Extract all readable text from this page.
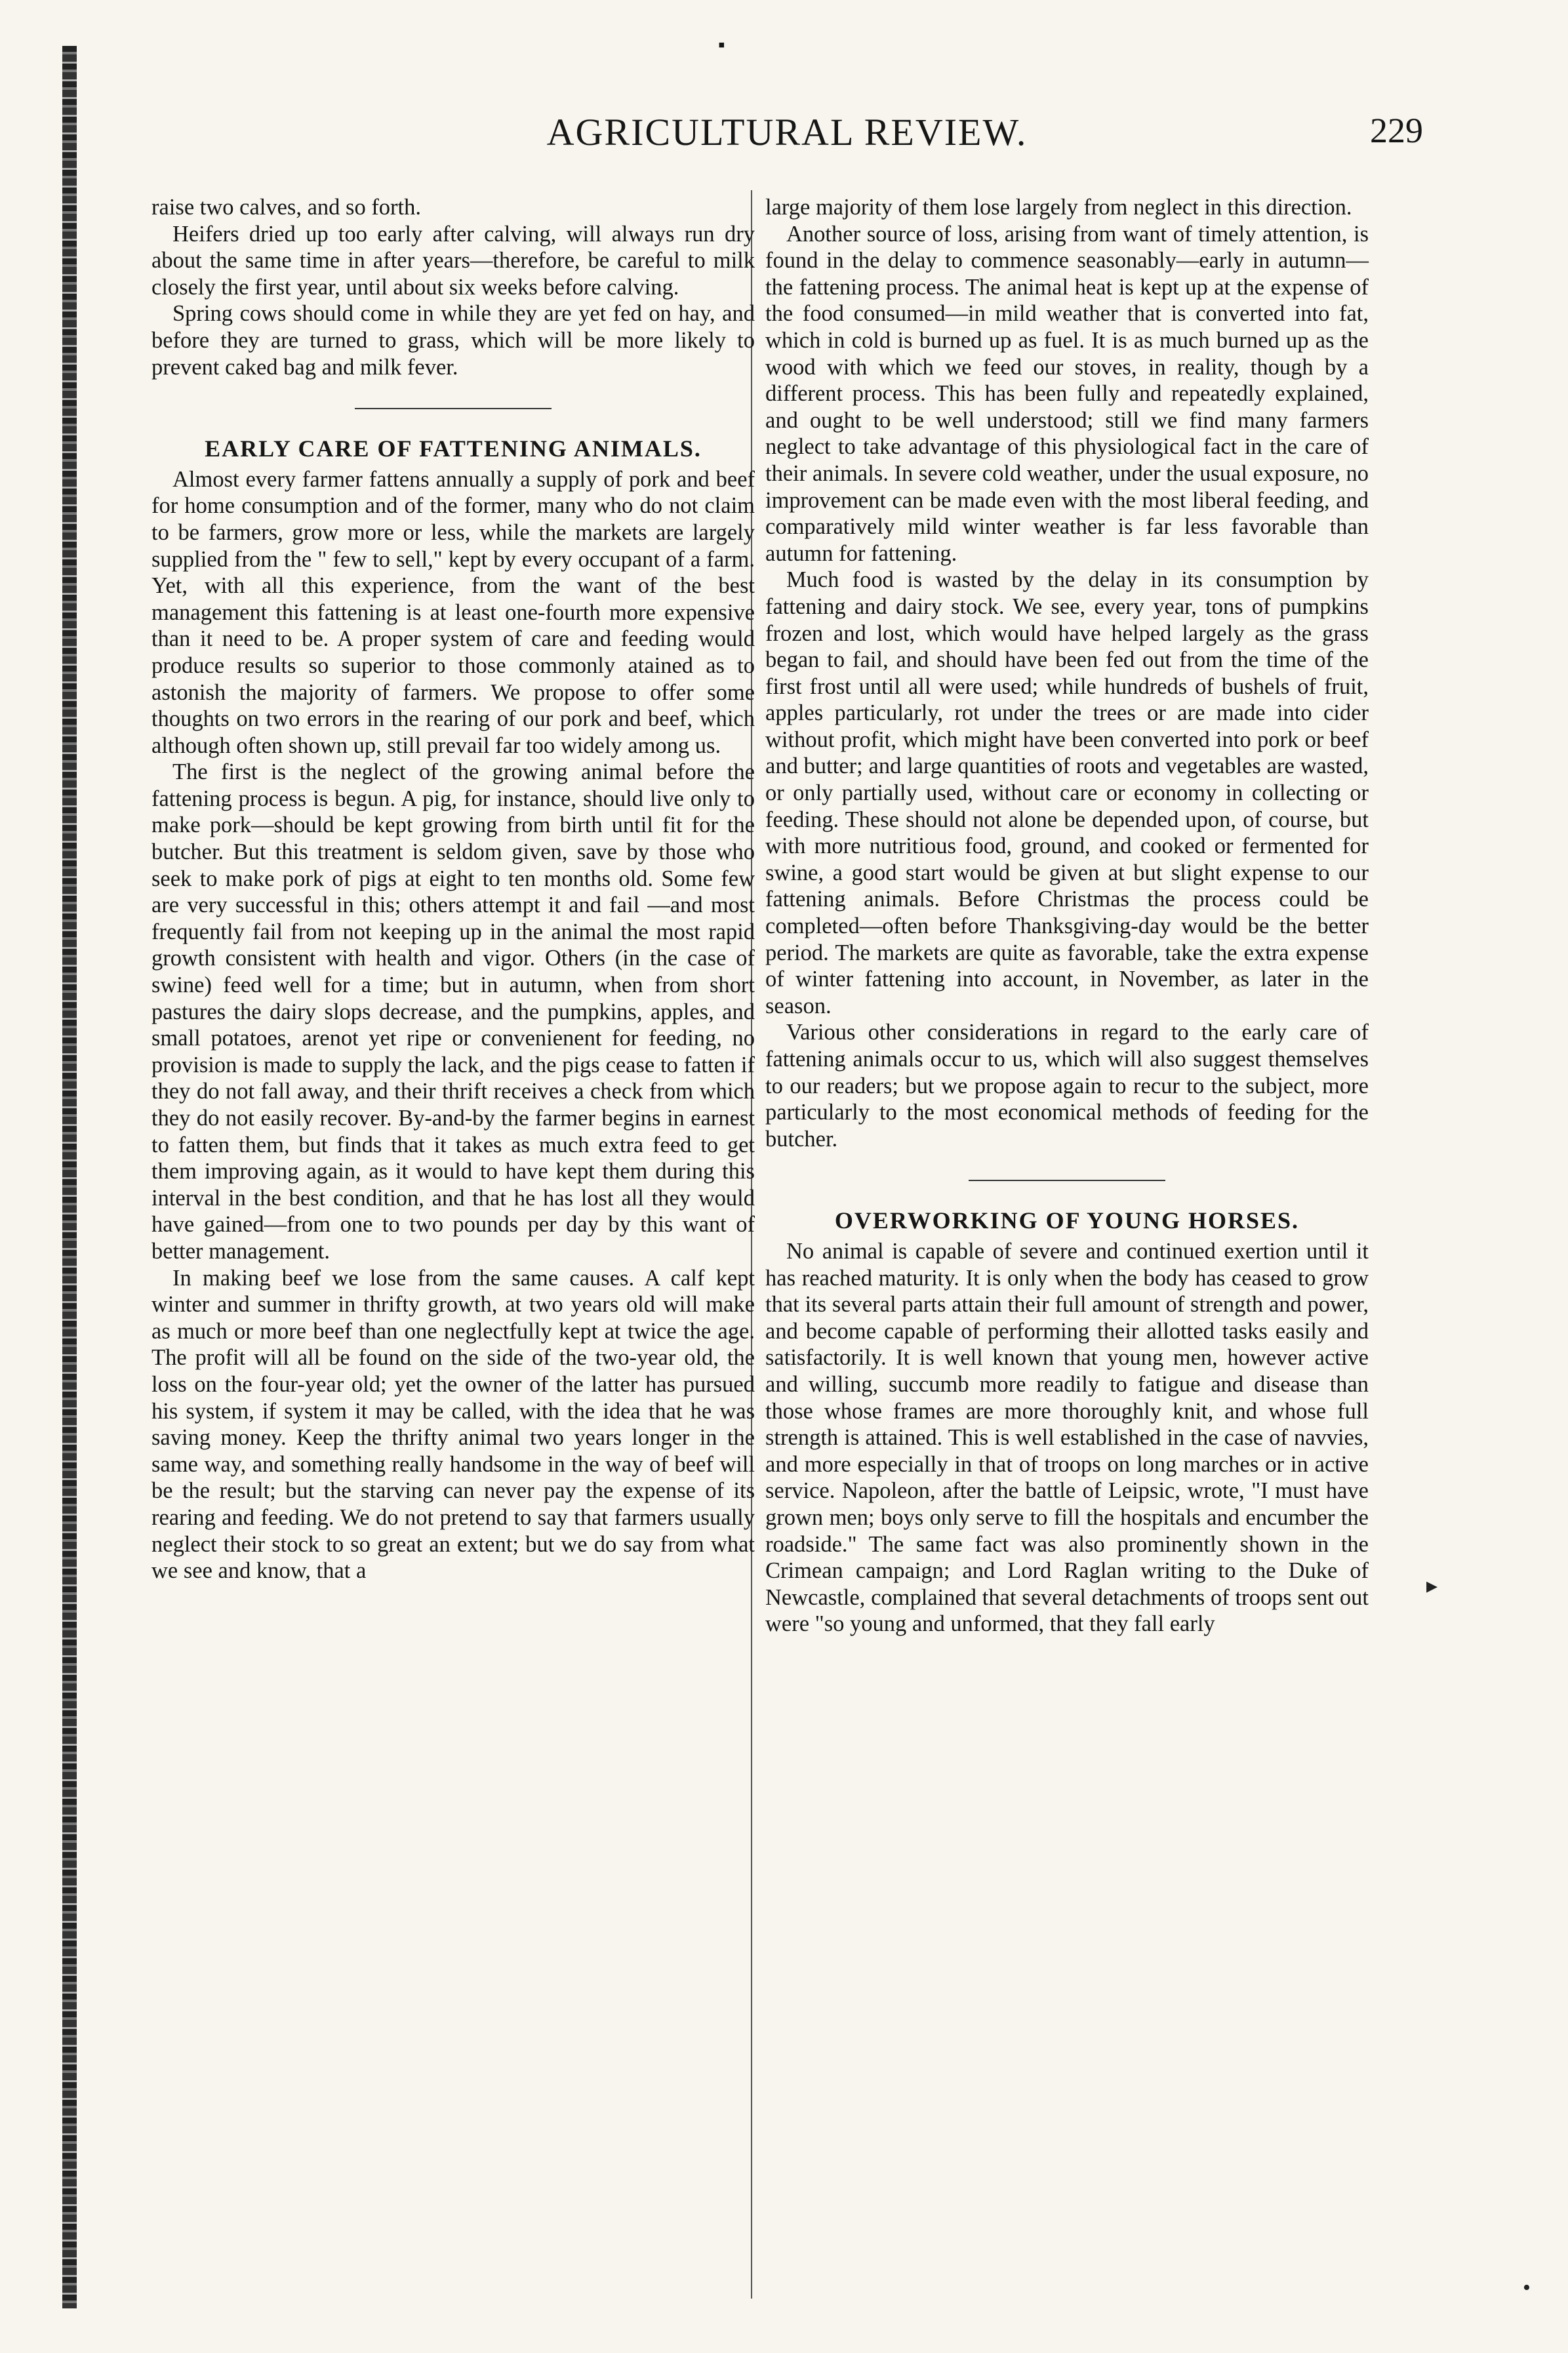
▪
AGRICULTURAL REVIEW.	229

raise two calves, and so forth.

Heifers dried up too early after calving, will always run dry about the same time in after years—therefore, be careful to milk closely the first year, until about six weeks before calving.

Spring cows should come in while they are yet fed on hay, and before they are turned to grass, which will be more likely to prevent caked bag and milk fever.

EARLY CARE OF FATTENING ANIMALS.

Almost every farmer fattens annually a supply of pork and beef for home consumption and of the former, many who do not claim to be farmers, grow more or less, while the markets are largely supplied from the " few to sell," kept by every occupant of a farm. Yet, with all this experience, from the want of the best management this fattening is at least one-fourth more expensive than it need to be. A proper system of care and feeding would produce results so superior to those commonly atained as to astonish the majority of farmers. We propose to offer some thoughts on two errors in the rearing of our pork and beef, which although often shown up, still prevail far too widely among us.

The first is the neglect of the growing animal before the fattening process is begun. A pig, for instance, should live only to make pork—should be kept growing from birth until fit for the butcher. But this treatment is seldom given, save by those who seek to make pork of pigs at eight to ten months old. Some few are very successful in this; others attempt it and fail —and most frequently fail from not keeping up in the animal the most rapid growth consistent with health and vigor. Others (in the case of swine) feed well for a time; but in autumn, when from short pastures the dairy slops decrease, and the pumpkins, apples, and small potatoes, arenot yet ripe or convenienent for feeding, no provision is made to supply the lack, and the pigs cease to fatten if they do not fall away, and their thrift receives a check from which they do not easily recover. By-and-by the farmer begins in earnest to fatten them, but finds that it takes as much extra feed to get them improving again, as it would to have kept them during this interval in the best condition, and that he has lost all they would have gained—from one to two pounds per day by this want of better management.

In making beef we lose from the same causes. A calf kept winter and summer in thrifty growth, at two years old will make as much or more beef than one neglectfully kept at twice the age. The profit will all be found on the side of the two-year old, the loss on the four-year old; yet the owner of the latter has pursued his system, if system it may be called, with the idea that he was saving money. Keep the thrifty animal two years longer in the same way, and something really handsome in the way of beef will be the result; but the starving can never pay the expense of its rearing and feeding. We do not pretend to say that farmers usually neglect their stock to so great an extent; but we do say from what we see and know, that a

large majority of them lose largely from neglect in this direction.

Another source of loss, arising from want of timely attention, is found in the delay to commence seasonably—early in autumn—the fattening process. The animal heat is kept up at the expense of the food consumed—in mild weather that is converted into fat, which in cold is burned up as fuel. It is as much burned up as the wood with which we feed our stoves, in reality, though by a different process. This has been fully and repeatedly explained, and ought to be well understood; still we find many farmers neglect to take advantage of this physiological fact in the care of their animals. In severe cold weather, under the usual exposure, no improvement can be made even with the most liberal feeding, and comparatively mild winter weather is far less favorable than autumn for fattening.

Much food is wasted by the delay in its consumption by fattening and dairy stock. We see, every year, tons of pumpkins frozen and lost, which would have helped largely as the grass began to fail, and should have been fed out from the time of the first frost until all were used; while hundreds of bushels of fruit, apples particularly, rot under the trees or are made into cider without profit, which might have been converted into pork or beef and butter; and large quantities of roots and vegetables are wasted, or only partially used, without care or economy in collecting or feeding. These should not alone be depended upon, of course, but with more nutritious food, ground, and cooked or fermented for swine, a good start would be given at but slight expense to our fattening animals. Before Christmas the process could be completed—often before Thanksgiving-day would be the better period. The markets are quite as favorable, take the extra expense of winter fattening into account, in November, as later in the season.

Various other considerations in regard to the early care of fattening animals occur to us, which will also suggest themselves to our readers; but we propose again to recur to the subject, more particularly to the most economical methods of feeding for the butcher.

OVERWORKING OF YOUNG HORSES.

No animal is capable of severe and continued exertion until it has reached maturity. It is only when the body has ceased to grow that its several parts attain their full amount of strength and power, and become capable of performing their allotted tasks easily and satisfactorily. It is well known that young men, however active and willing, succumb more readily to fatigue and disease than those whose frames are more thoroughly knit, and whose full strength is attained. This is well established in the case of navvies, and more especially in that of troops on long marches or in active service. Napoleon, after the battle of Leipsic, wrote, "I must have grown men; boys only serve to fill the hospitals and encumber the roadside." The same fact was also prominently shown in the Crimean campaign; and Lord Raglan writing to the Duke of Newcastle, complained that several detachments of troops sent out were "so young and unformed, that they fall early

▸
•
